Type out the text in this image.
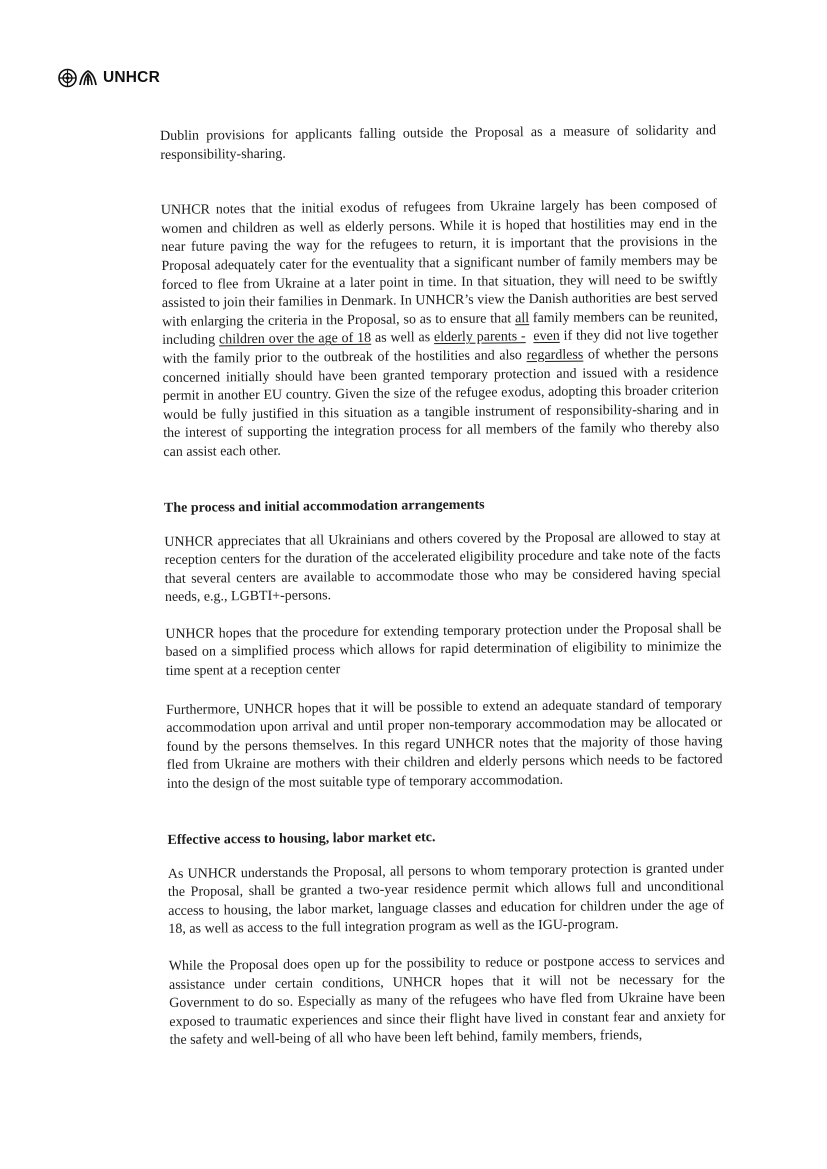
UNHCR

Dublin provisions for applicants falling outside the Proposal as a measure of solidarity and responsibility-sharing.

UNHCR notes that the initial exodus of refugees from Ukraine largely has been composed of women and children as well as elderly persons. While it is hoped that hostilities may end in the near future paving the way for the refugees to return, it is important that the provisions in the Proposal adequately cater for the eventuality that a significant number of family members may be forced to flee from Ukraine at a later point in time. In that situation, they will need to be swiftly assisted to join their families in Denmark. In UNHCR’s view the Danish authorities are best served with enlarging the criteria in the Proposal, so as to ensure that all family members can be reunited, including children over the age of 18 as well as elderly parents - even if they did not live together with the family prior to the outbreak of the hostilities and also regardless of whether the persons concerned initially should have been granted temporary protection and issued with a residence permit in another EU country. Given the size of the refugee exodus, adopting this broader criterion would be fully justified in this situation as a tangible instrument of responsibility-sharing and in the interest of supporting the integration process for all members of the family who thereby also can assist each other.

The process and initial accommodation arrangements

UNHCR appreciates that all Ukrainians and others covered by the Proposal are allowed to stay at reception centers for the duration of the accelerated eligibility procedure and take note of the facts that several centers are available to accommodate those who may be considered having special needs, e.g., LGBTI+-persons.

UNHCR hopes that the procedure for extending temporary protection under the Proposal shall be based on a simplified process which allows for rapid determination of eligibility to minimize the time spent at a reception center

Furthermore, UNHCR hopes that it will be possible to extend an adequate standard of temporary accommodation upon arrival and until proper non-temporary accommodation may be allocated or found by the persons themselves. In this regard UNHCR notes that the majority of those having fled from Ukraine are mothers with their children and elderly persons which needs to be factored into the design of the most suitable type of temporary accommodation.

Effective access to housing, labor market etc.

As UNHCR understands the Proposal, all persons to whom temporary protection is granted under the Proposal, shall be granted a two-year residence permit which allows full and unconditional access to housing, the labor market, language classes and education for children under the age of 18, as well as access to the full integration program as well as the IGU-program.

While the Proposal does open up for the possibility to reduce or postpone access to services and assistance under certain conditions, UNHCR hopes that it will not be necessary for the Government to do so. Especially as many of the refugees who have fled from Ukraine have been exposed to traumatic experiences and since their flight have lived in constant fear and anxiety for the safety and well-being of all who have been left behind, family members, friends,
